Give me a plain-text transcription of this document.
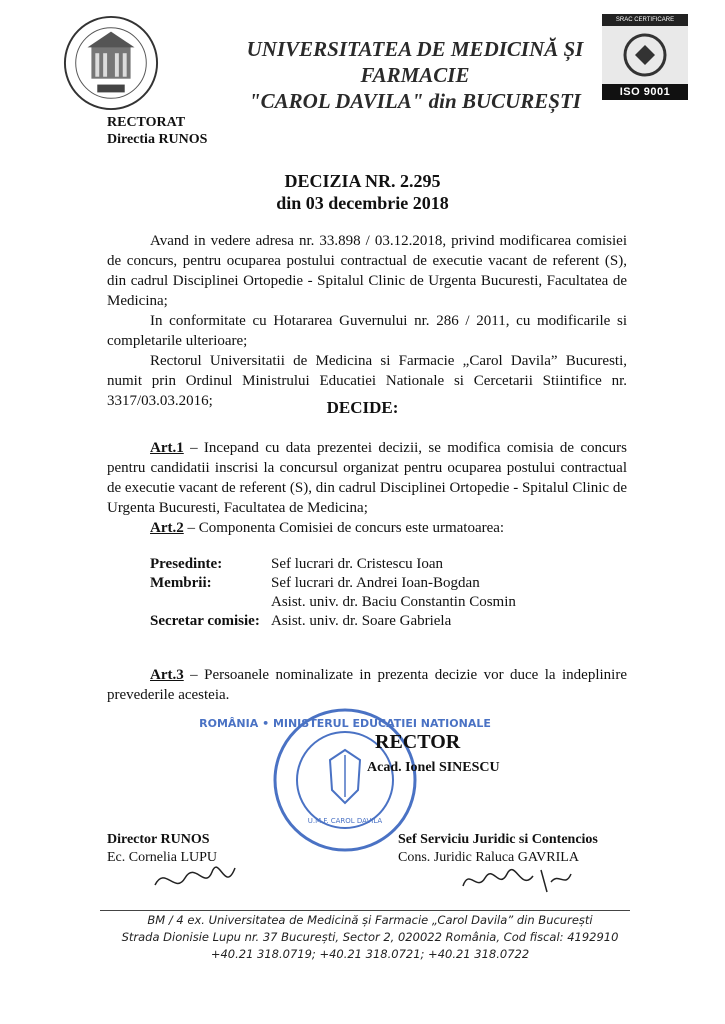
UNIVERSITATEA DE MEDICINĂ ȘI FARMACIE
"CAROL DAVILA" din BUCUREȘTI
SRAC CERTIFICARE
ISO 9001
RECTORAT
Directia RUNOS
DECIZIA NR. 2.295
din 03 decembrie 2018
Avand in vedere adresa nr. 33.898 / 03.12.2018, privind modificarea comisiei de concurs, pentru ocuparea postului contractual de executie vacant de referent (S), din cadrul Disciplinei Ortopedie - Spitalul Clinic de Urgenta Bucuresti, Facultatea de Medicina;
In conformitate cu Hotararea Guvernului nr. 286 / 2011, cu modificarile si completarile ulterioare;
Rectorul Universitatii de Medicina si Farmacie „Carol Davila” Bucuresti, numit prin Ordinul Ministrului Educatiei Nationale si Cercetarii Stiintifice nr. 3317/03.03.2016;	DECIDE:
Art.1 – Incepand cu data prezentei decizii, se modifica comisia de concurs pentru candidatii inscrisi la concursul organizat pentru ocuparea postului contractual de executie vacant de referent (S), din cadrul Disciplinei Ortopedie - Spitalul Clinic de Urgenta Bucuresti, Facultatea de Medicina;
Art.2 – Componenta Comisiei de concurs este urmatoarea:
Presedinte:	Sef lucrari dr. Cristescu Ioan
Membrii:	Sef lucrari dr. Andrei Ioan-Bogdan
Asist. univ. dr. Baciu Constantin Cosmin
Secretar comisie: Asist. univ. dr. Soare Gabriela
Art.3 – Persoanele nominalizate in prezenta decizie vor duce la indeplinire prevederile acesteia.
ROMÂNIA • MINISTERUL EDUCATIEI NATIONALE
U.M.F. CAROL DAVILA
RECTOR
Acad. Ionel SINESCU
Director RUNOS
Ec. Cornelia LUPU
Sef Serviciu Juridic si Contencios
Cons. Juridic Raluca GAVRILA
BM / 4 ex. Universitatea de Medicină și Farmacie „Carol Davila” din București
Strada Dionisie Lupu nr. 37 București, Sector 2, 020022 România, Cod fiscal: 4192910
+40.21 318.0719; +40.21 318.0721; +40.21 318.0722
